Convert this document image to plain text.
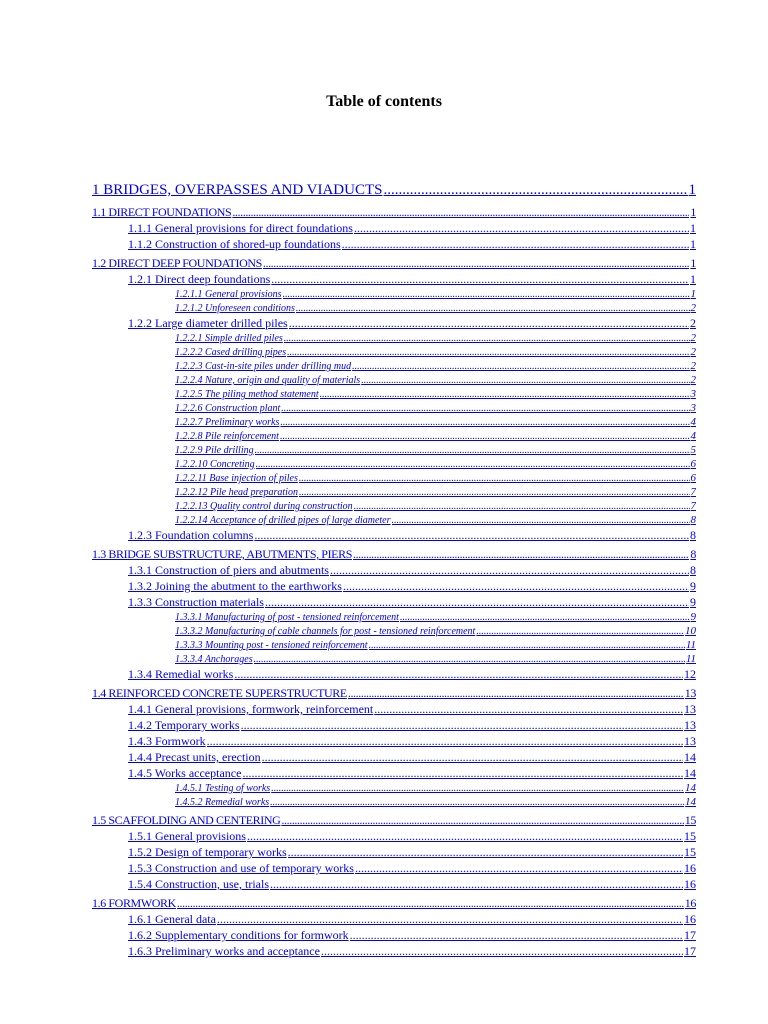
Table of contents
1 BRIDGES, OVERPASSES AND VIADUCTS .....	1
1.1 DIRECT FOUNDATIONS .....	1
1.1.1 General provisions for direct foundations .....	1
1.1.2 Construction of shored-up foundations .....	1
1.2 DIRECT DEEP FOUNDATIONS .....	1
1.2.1 Direct deep foundations .....	1
1.2.1.1 General provisions .....	1
1.2.1.2 Unforeseen conditions .....	2
1.2.2 Large diameter drilled piles .....	2
1.2.2.1 Simple drilled piles .....	2
1.2.2.2 Cased drilling pipes .....	2
1.2.2.3 Cast-in-site piles under drilling mud .....	2
1.2.2.4 Nature, origin and quality of materials .....	2
1.2.2.5 The piling method statement .....	3
1.2.2.6 Construction plant .....	3
1.2.2.7 Preliminary works .....	4
1.2.2.8 Pile reinforcement .....	4
1.2.2.9 Pile drilling .....	5
1.2.2.10 Concreting .....	6
1.2.2.11 Base injection of piles .....	6
1.2.2.12 Pile head preparation .....	7
1.2.2.13 Quality control during construction .....	7
1.2.2.14 Acceptance of drilled pipes of large diameter .....	8
1.2.3 Foundation columns .....	8
1.3 BRIDGE SUBSTRUCTURE, ABUTMENTS, PIERS .....	8
1.3.1 Construction of piers and abutments .....	8
1.3.2 Joining the abutment to the earthworks .....	9
1.3.3 Construction materials .....	9
1.3.3.1 Manufacturing of post - tensioned reinforcement .....	9
1.3.3.2 Manufacturing of cable channels for post - tensioned reinforcement .....	10
1.3.3.3 Mounting post - tensioned reinforcement .....	11
1.3.3.4 Anchorages .....	11
1.3.4 Remedial works .....	12
1.4 REINFORCED CONCRETE SUPERSTRUCTURE .....	13
1.4.1 General provisions, formwork, reinforcement .....	13
1.4.2 Temporary works .....	13
1.4.3 Formwork .....	13
1.4.4 Precast units, erection .....	14
1.4.5 Works acceptance .....	14
1.4.5.1 Testing of works .....	14
1.4.5.2 Remedial works .....	14
1.5 SCAFFOLDING AND CENTERING .....	15
1.5.1 General provisions .....	15
1.5.2 Design of temporary works .....	15
1.5.3 Construction and use of temporary works .....	16
1.5.4 Construction, use, trials .....	16
1.6 FORMWORK .....	16
1.6.1 General data .....	16
1.6.2 Supplementary conditions for formwork .....	17
1.6.3 Preliminary works and acceptance .....	17
